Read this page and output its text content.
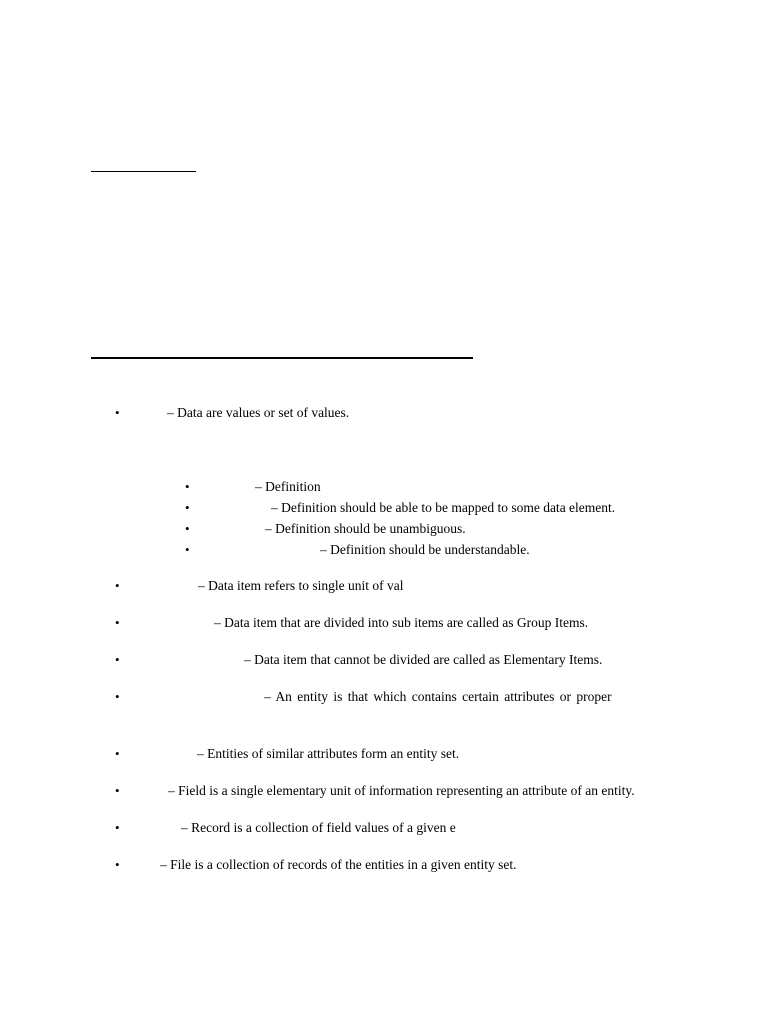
•	– Data are values or set of values.
•	– Definition
•	– Definition should be able to be mapped to some data element.
•	– Definition should be unambiguous.
•	– Definition should be understandable.
•	– Data item refers to single unit of val
•	– Data item that are divided into sub items are called as Group Items.
•	– Data item that cannot be divided are called as Elementary Items.
•	– An entity is that which contains certain attributes or proper
•	– Entities of similar attributes form an entity set.
•	– Field is a single elementary unit of information representing an attribute of an entity.
•	– Record is a collection of field values of a given e
•	– File is a collection of records of the entities in a given entity set.
